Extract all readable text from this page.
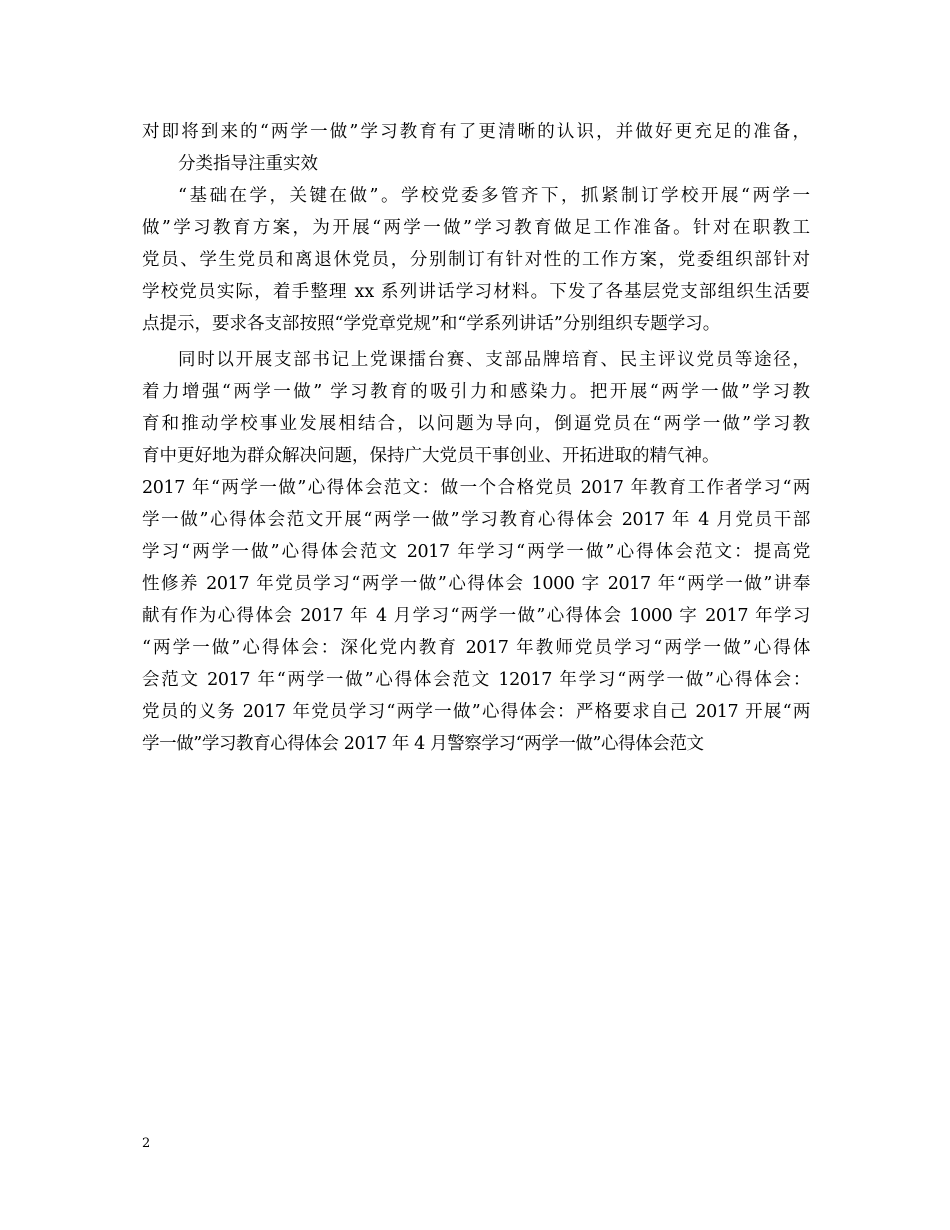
对即将到来的“两学一做”学习教育有了更清晰的认识，并做好更充足的准备，
分类指导注重实效
“基础在学，关键在做”。学校党委多管齐下，抓紧制订学校开展“两学一
做”学习教育方案，为开展“两学一做”学习教育做足工作准备。针对在职教工
党员、学生党员和离退休党员，分别制订有针对性的工作方案，党委组织部针对
学校党员实际，着手整理 xx 系列讲话学习材料。下发了各基层党支部组织生活要
点提示，要求各支部按照“学党章党规”和“学系列讲话”分别组织专题学习。
同时以开展支部书记上党课擂台赛、支部品牌培育、民主评议党员等途径，
着力增强“两学一做” 学习教育的吸引力和感染力。把开展“两学一做”学习教
育和推动学校事业发展相结合，以问题为导向，倒逼党员在“两学一做”学习教
育中更好地为群众解决问题，保持广大党员干事创业、开拓进取的精气神。
2017 年“两学一做”心得体会范文：做一个合格党员 2017 年教育工作者学习“两
学一做”心得体会范文开展“两学一做”学习教育心得体会 2017 年 4 月党员干部
学习“两学一做”心得体会范文 2017 年学习“两学一做”心得体会范文：提高党
性修养 2017 年党员学习“两学一做”心得体会 1000 字 2017 年“两学一做”讲奉
献有作为心得体会 2017 年 4 月学习“两学一做”心得体会 1000 字 2017 年学习
“两学一做”心得体会：深化党内教育 2017 年教师党员学习“两学一做”心得体
会范文 2017 年“两学一做”心得体会范文 12017 年学习“两学一做”心得体会：
党员的义务 2017 年党员学习“两学一做”心得体会：严格要求自己 2017 开展“两
学一做”学习教育心得体会 2017 年 4 月警察学习“两学一做”心得体会范文
2
